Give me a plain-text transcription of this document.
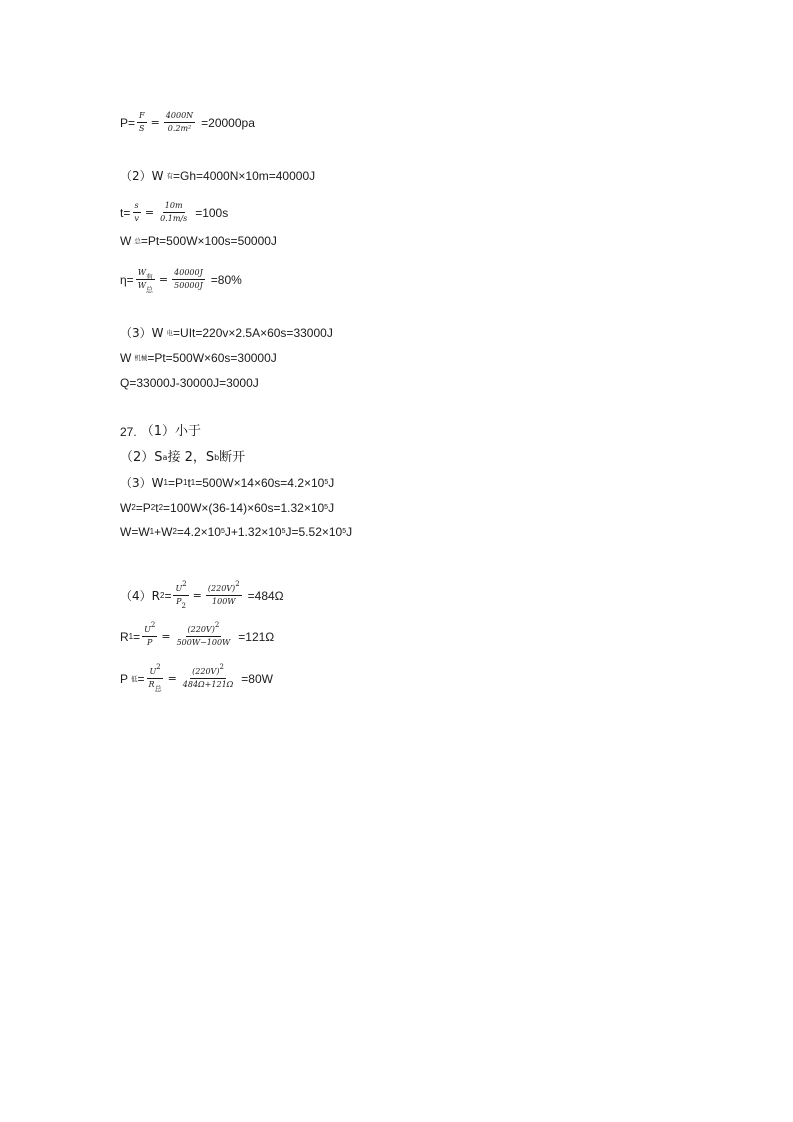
$P= \frac{F}{S} = \frac{4000N}{\text{0.2m²}} =20000pa$
（2）W 有 =Gh=4000N×10m=40000J
$t= \frac{s}{v} = \frac{10m}{0.1m/s} =100s$
W 总 =Pt=500W×100s=50000J
$\eta= \frac{\text{W有}}{\text{W总}} = \frac{40000J}{50000J} =80\%$
（3）W 电 =UIt=220v×2.5A×60s=33000J
W 机械 =Pt=500W×60s=30000J
Q=33000J-30000J=3000J
27. （1）小于
（2）S a 接 2，S b 断开
（3）W 1 =P 1 t 1 =500W×14×60s=4.2×10 5 J
W 2 =P 2 t 2 =100W×(36-14)×60s=1.32×10 5 J
W=W 1 +W 2 =4.2×10 5 J+1.32×10 5 J=5.52×10 5 J
（4）R $2 = \frac{U2}{P2} = \frac{(220V)2}{100W} =484\Omega$
R $1 = \frac{U2}{P} = \frac{(220V)2}{500W-100W} =121\Omega$
P 低 = $\frac{U2}{\text{R总}} = \frac{(220V)2}{484\Omega+121\Omega} =80W$
